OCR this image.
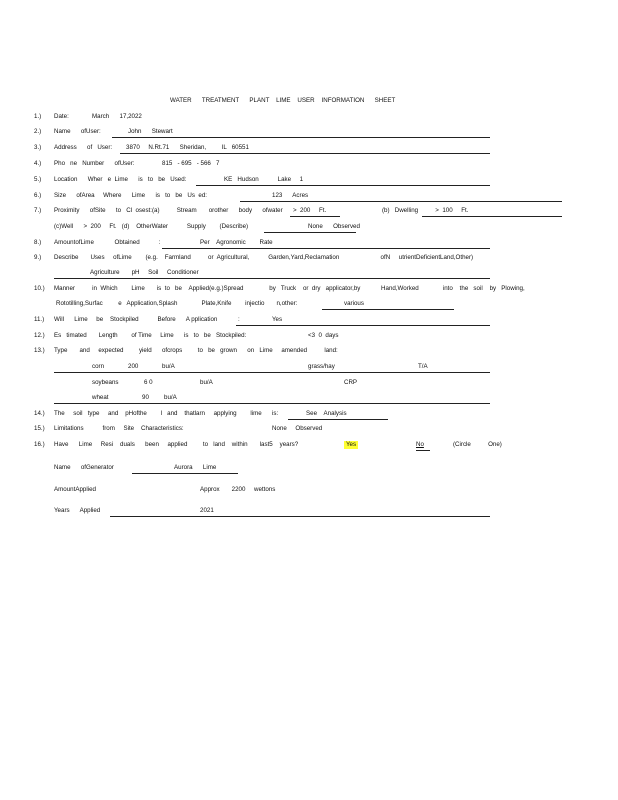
WATER      TREATMENT      PLANT    LIME    USER    INFORMATION      SHEET
1.) Date:	March      17,2022
2.) Name      ofUser:	John      Stewart
3.) Address      of   User: 3870     N.Rt.71      Sheridan,         IL   60551
4.) Pho   ne   Number      ofUser:	815   - 695   - 566   7
5.) Location      Wher   e  Lime      is   to   be   Used:	KE   Hudson           Lake     1
6.) Size      ofArea     Where      Lime      is   to   be   Us  ed:	123      Acres
7.) Proximity      ofSite      to   Cl  osest:(a)          Stream       orother      body      ofwater      >  200     Ft.	(b)   Dwelling          >  100     Ft.
(c)Well      >  200     Ft.   (d)    OtherWater           Supply        (Describe)	None      Observed
8.) AmountofLime            Obtained           :	Per    Agronomic        Rate
9.) Describe       Uses     ofLime        (e.g.    Farmland          or  Agricultural,           Garden,Yard,Reclamation                        ofN     utrientDeficientLand,Other)
Agriculture       pH     Soil     Conditioner
10.) Manner          in  Which        Lime       is  to   be    Applied(e.g.)Spread               by   Truck    or  dry   applicator,by            Hand,Worked              into    the   soil    by   Plowing,
Rototilling,Surfac         e   Application,Splash              Plate,Knife        injectio       n,other:	various
11.) Will      Lime     be    Stockpiled           Before      A pplication            :	Yes
12.) Es   timated       Length        of Time     Lime      is   to   be   Stockpiled:	<3  0  days
13.) Type       and     expected         yield      ofcrops         to   be   grown      on   Lime     amended          land:
corn	200	bu/A	grass/hay	T/A
soybeans	6 0	bu/A	CRP
wheat	90 bu/A
14.) The     soil   type     and    pHofthe        l   and    thatlarn     applying        lime      is:	See    Analysis
15.) Limitations           from     Site    Characteristics:	None     Observed
16.) Have      Lime     Resi    duals      been     applied         to   land    within       last5    years?	Yes	No	(Circle          One)
Name      ofGenerator	Aurora      Lime
AmountApplied	Approx       2200     wettons
Years      Applied	2021
